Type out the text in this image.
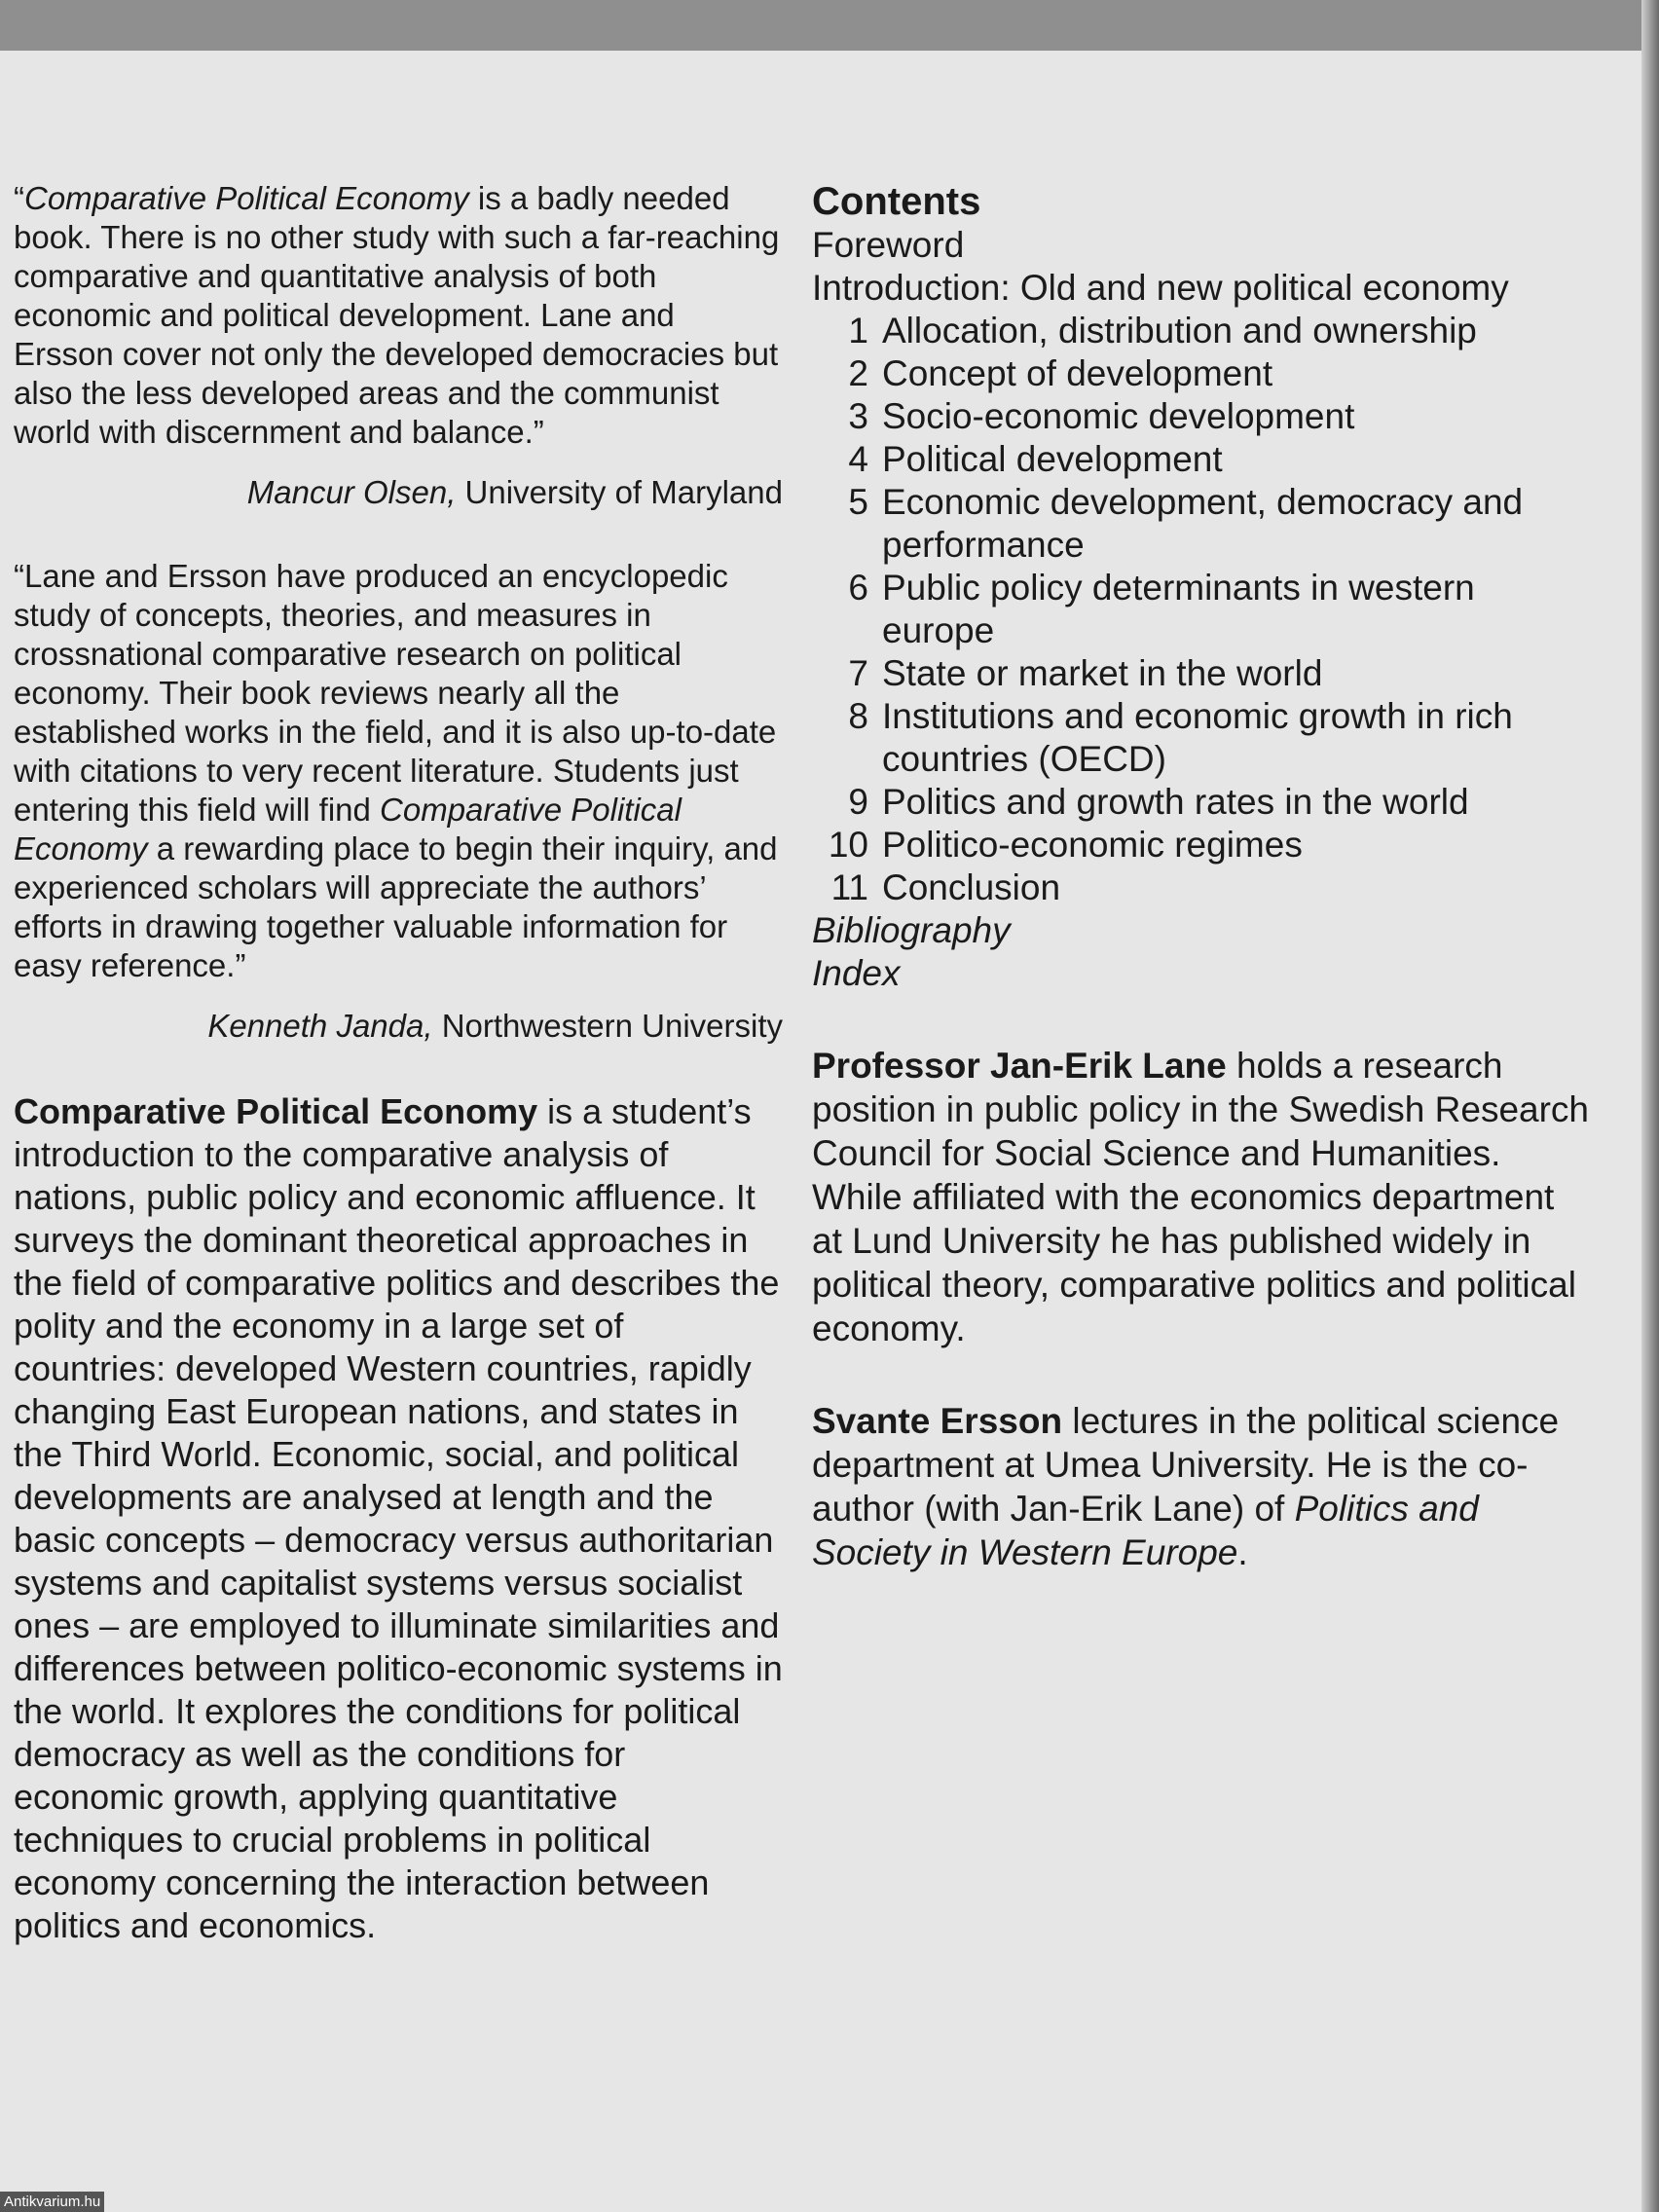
“Comparative Political Economy is a badly needed book. There is no other study with such a far-reaching comparative and quantitative analysis of both economic and political development. Lane and Ersson cover not only the developed democracies but also the less developed areas and the communist world with discernment and balance.”

Mancur Olsen, University of Maryland

“Lane and Ersson have produced an encyclopedic study of concepts, theories, and measures in crossnational comparative research on political economy. Their book reviews nearly all the established works in the field, and it is also up-to-date with citations to very recent literature. Students just entering this field will find Comparative Political Economy a rewarding place to begin their inquiry, and experienced scholars will appreciate the authors’ efforts in drawing together valuable information for easy reference.”

Kenneth Janda, Northwestern University
Comparative Political Economy is a student’s introduction to the comparative analysis of nations, public policy and economic affluence. It surveys the dominant theoretical approaches in the field of comparative politics and describes the polity and the economy in a large set of countries: developed Western countries, rapidly changing East European nations, and states in the Third World. Economic, social, and political developments are analysed at length and the basic concepts – democracy versus authoritarian systems and capitalist systems versus socialist ones – are employed to illuminate similarities and differences between politico-economic systems in the world. It explores the conditions for political democracy as well as the conditions for economic growth, applying quantitative techniques to crucial problems in political economy concerning the interaction between politics and economics.
Contents
Foreword
Introduction: Old and new political economy
1 Allocation, distribution and ownership
2 Concept of development
3 Socio-economic development
4 Political development
5 Economic development, democracy and performance
6 Public policy determinants in western europe
7 State or market in the world
8 Institutions and economic growth in rich countries (OECD)
9 Politics and growth rates in the world
10 Politico-economic regimes
11 Conclusion
Bibliography
Index
Professor Jan-Erik Lane holds a research position in public policy in the Swedish Research Council for Social Science and Humanities. While affiliated with the economics department at Lund University he has published widely in political theory, comparative politics and political economy.
Svante Ersson lectures in the political science department at Umea University. He is the co-author (with Jan-Erik Lane) of Politics and Society in Western Europe.
Antikvarium.hu
